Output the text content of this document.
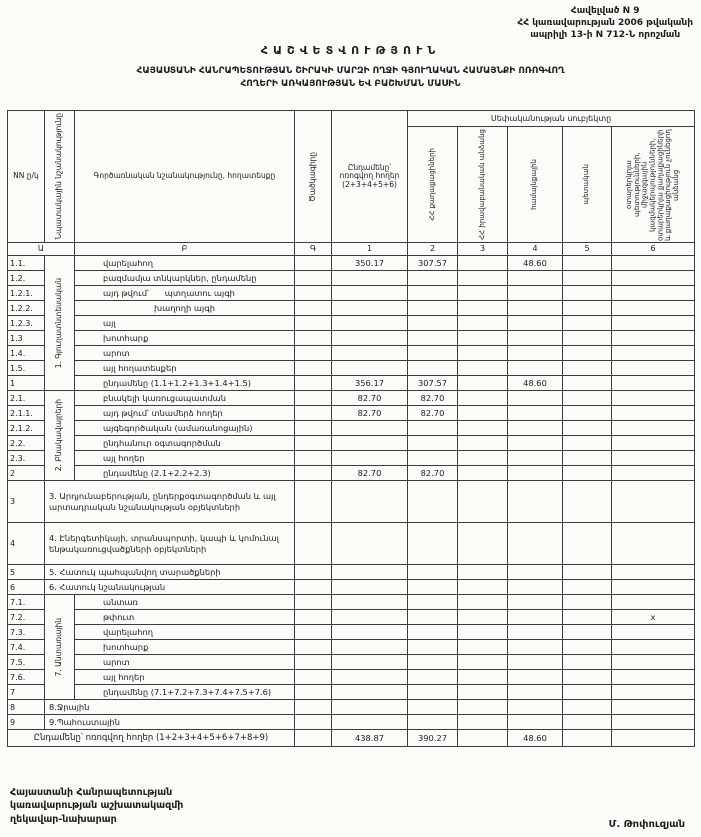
Հավելված N 9
ՀՀ կառավարության 2006 թվականի
ապրիլի 13-ի N 712-Ն որոշման
ՀԱՇՎԵՏՎՈՒԹՅՈՒՆ
ՀԱՅԱՍՏԱՆԻ ՀԱՆՐԱՊԵՏՈՒԹՅԱՆ ՇԻՐԱԿԻ ՄԱՐԶԻ ՈՂՋԻ ԳՅՈՒՂԱԿԱՆ ՀԱՄԱՅՆՔԻ ՈՌՈԳՎՈՂ
ՀՈՂԵՐԻ ԱՌԿԱՅՈՒԹՅԱՆ ԵՎ ԲԱՇԽՄԱՆ ՄԱՍԻՆ
NN ը/կ	Նպատակային նշանակությունը	Գործառնական նշանակությունը, հողատեսքը	Ծածկագիրը	Ընդամենը՝ ոռոգվող հողեր (2+3+4+5+6)	Սեփականության սուբյեկտը				

					ՀՀ քաղաքացիների	ՀՀ իրավաբանական անձանց	համայնքային	պետական	օտարերկրյա պետությունների, միջազգային կազմակերպությունների, օտարերկրյա քաղաքացիների և քաղաքացիություն չունեցող անձանց

Ա		Բ	Գ	1	2	3	4	5	6
1.1.	1. Գյուղատնտեսական	վարելահող		350.17	307.57		48.60		
1.2.		բազմամյա տնկարկներ, ընդամենը							
1.2.1.		այդ թվում՝      պտղատու այգի							
1.2.2.		խաղողի այգի							
1.2.3.		այլ							
1.3		խոտհարք							
1.4.		արոտ							
1.5.		այլ հողատեսքեր							
1		ընդամենը (1.1+1.2+1.3+1.4+1.5)		356.17	307.57		48.60		
2.1.	2. Բնակավայրերի	բնակելի կառուցապատման		82.70	82.70				
2.1.1.		այդ թվում՝ տնամերձ հողեր		82.70	82.70				
2.1.2.		այգեգործական (ամառանոցային)							
2.2.		ընդհանուր օգտագործման							
2.3.		այլ հողեր							
2		ընդամենը (2.1+2.2+2.3)		82.70	82.70				
3	3. Արդյունաբերության, ընդերքօգտագործման և այլ արտադրական նշանակության օբյեկտների								
4	4. Էներգետիկայի, տրանսպորտի, կապի և կոմունալ ենթակառուցվածքների օբյեկտների								
5	5. Հատուկ պահպանվող տարածքների								
6	6. Հատուկ նշանակության								
7.1.	7. Անտառային	անտառ							
7.2.		թփուտ							x
7.3.		վարելահող							
7.4.		խոտհարք							
7.5.		արոտ							
7.6.		այլ հողեր							
7		ընդամենը (7.1+7.2+7.3+7.4+7.5+7.6)							
8	8.Ջրային								
9	9.Պահուստային								
Ընդամենը՝ ոռոգվող հողեր (1+2+3+4+5+6+7+8+9)				438.87	390.27		48.60		
Հայաստանի Հանրապետության
կառավարության աշխատակազմի
ղեկավար-նախարար	Մ. Թոփուզյան
